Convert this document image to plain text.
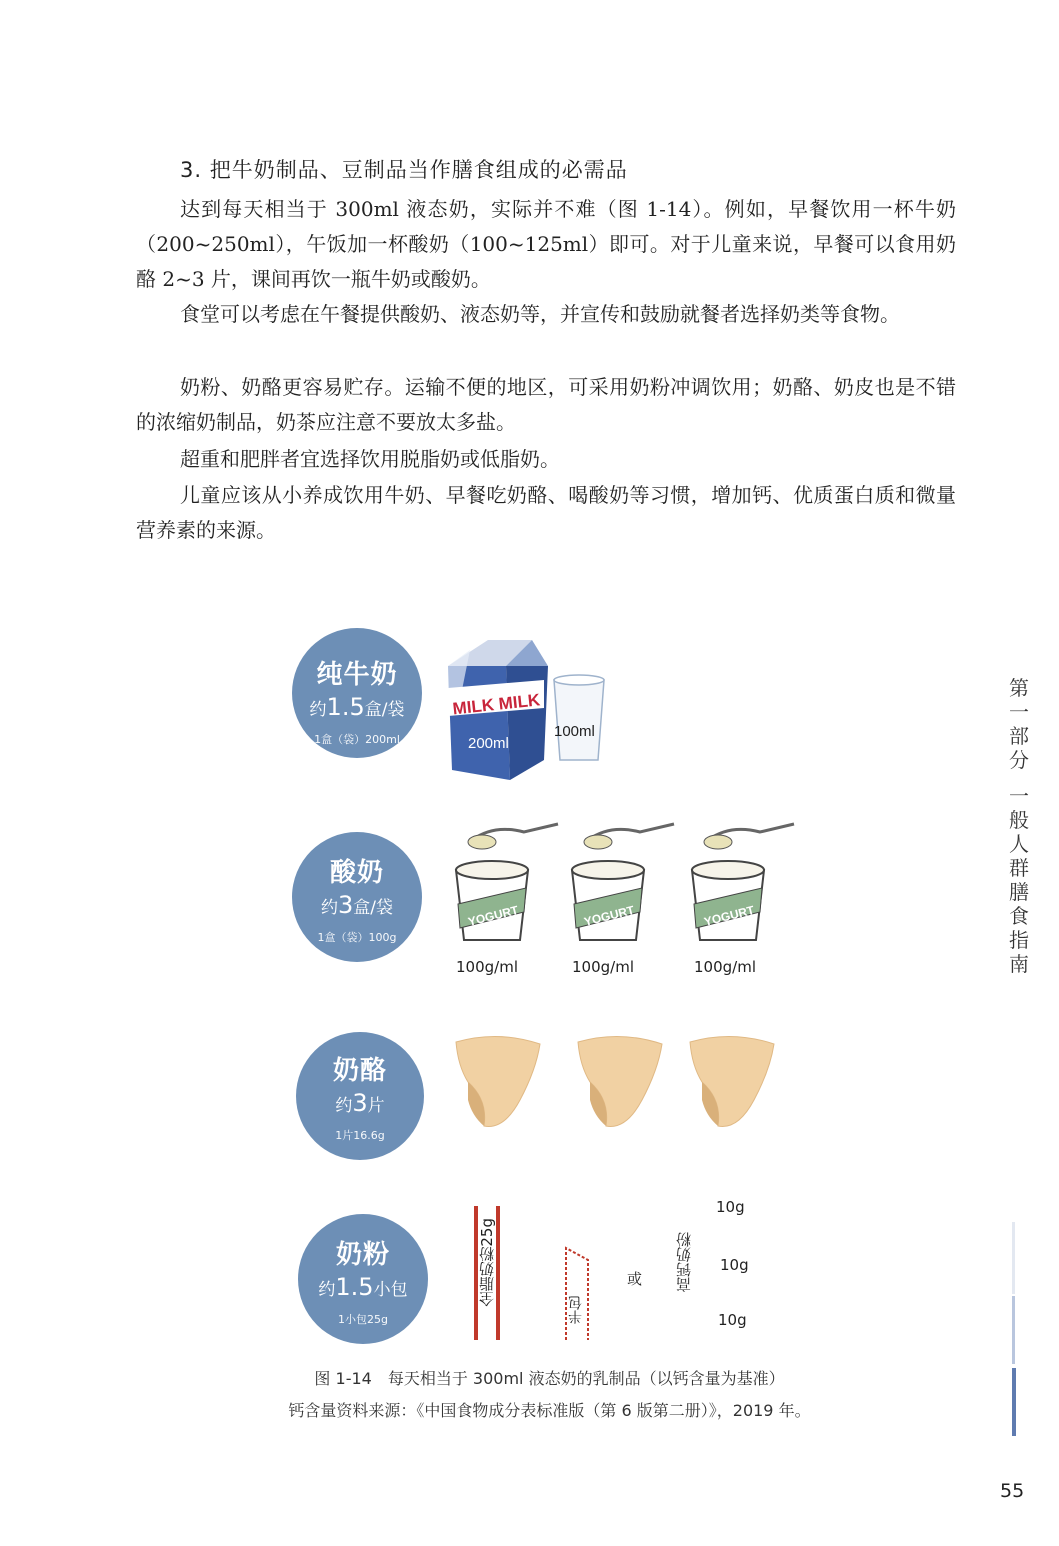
3. 把牛奶制品、豆制品当作膳食组成的必需品

达到每天相当于 300ml 液态奶，实际并不难（图 1-14）。例如，早餐饮用一杯牛奶（200~250ml），午饭加一杯酸奶（100~125ml）即可。对于儿童来说，早餐可以食用奶酪 2~3 片，课间再饮一瓶牛奶或酸奶。

食堂可以考虑在午餐提供酸奶、液态奶等，并宣传和鼓励就餐者选择奶类等食物。

奶粉、奶酪更容易贮存。运输不便的地区，可采用奶粉冲调饮用；奶酪、奶皮也是不错的浓缩奶制品，奶茶应注意不要放太多盐。

超重和肥胖者宜选择饮用脱脂奶或低脂奶。

儿童应该从小养成饮用牛奶、早餐吃奶酪、喝酸奶等习惯，增加钙、优质蛋白质和微量营养素的来源。

纯牛奶
约1.5盒/袋
1盒（袋）200ml
MILK MILK
200ml
100ml
酸奶
约3盒/袋
1盒（袋）100g
YOGURT	YOGURT	YOGURT
100g/ml	100g/ml	100g/ml
奶酪
约3片
1片16.6g
奶粉
约1.5小包
1小包25g
全脂奶粉25g
半包
或 高钙奶粉
10g
10g
10g
图 1-14　每天相当于 300ml 液态奶的乳制品（以钙含量为基准）
钙含量资料来源：《中国食物成分表标准版（第 6 版第二册）》，2019 年。
第
一
部
分
一
般
人
群
膳
食
指
南
55
